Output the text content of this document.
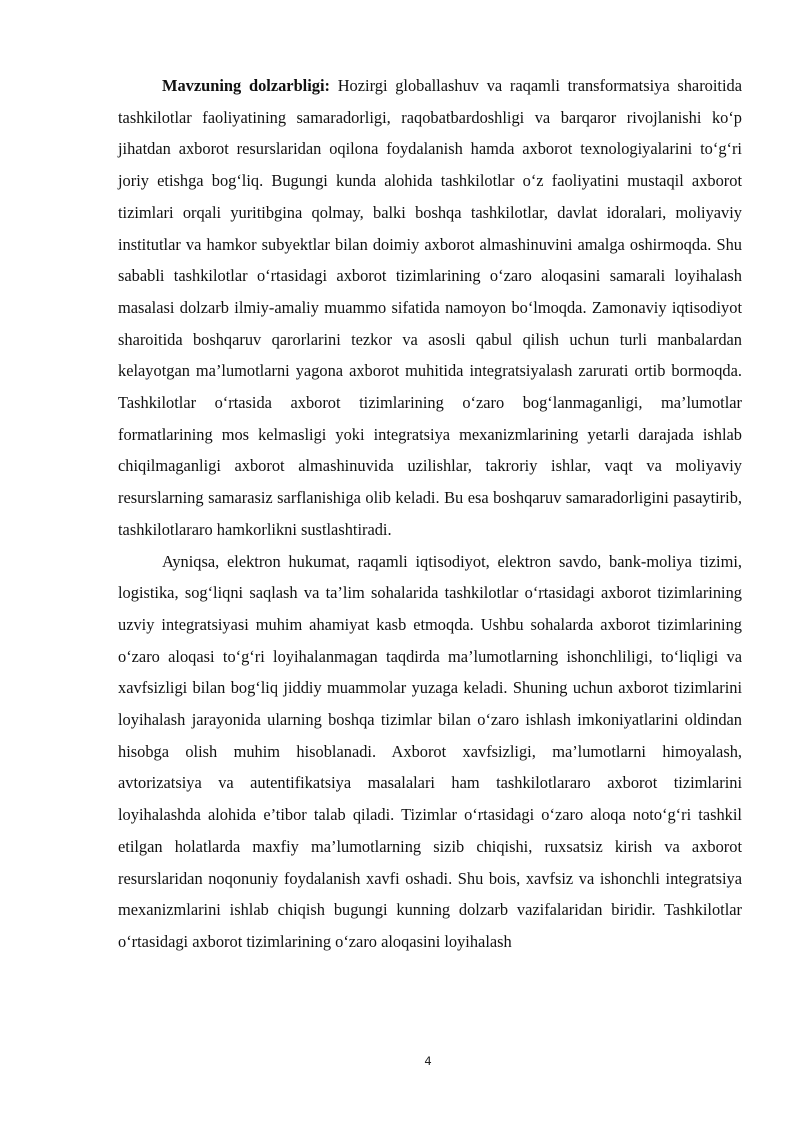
Mavzuning dolzarbligi: Hozirgi globallashuv va raqamli transformatsiya sharoitida tashkilotlar faoliyatining samaradorligi, raqobatbardoshligi va barqaror rivojlanishi ko‘p jihatdan axborot resurslaridan oqilona foydalanish hamda axborot texnologiyalarini to‘g‘ri joriy etishga bog‘liq. Bugungi kunda alohida tashkilotlar o‘z faoliyatini mustaqil axborot tizimlari orqali yuritibgina qolmay, balki boshqa tashkilotlar, davlat idoralari, moliyaviy institutlar va hamkor subyektlar bilan doimiy axborot almashinuvini amalga oshirmoqda. Shu sababli tashkilotlar o‘rtasidagi axborot tizimlarining o‘zaro aloqasini samarali loyihalash masalasi dolzarb ilmiy-amaliy muammo sifatida namoyon bo‘lmoqda. Zamonaviy iqtisodiyot sharoitida boshqaruv qarorlarini tezkor va asosli qabul qilish uchun turli manbalardan kelayotgan ma’lumotlarni yagona axborot muhitida integratsiyalash zarurati ortib bormoqda. Tashkilotlar o‘rtasida axborot tizimlarining o‘zaro bog‘lanmaganligi, ma’lumotlar formatlarining mos kelmasligi yoki integratsiya mexanizmlarining yetarli darajada ishlab chiqilmaganligi axborot almashinuvida uzilishlar, takroriy ishlar, vaqt va moliyaviy resurslarning samarasiz sarflanishiga olib keladi. Bu esa boshqaruv samaradorligini pasaytirib, tashkilotlararo hamkorlikni sustlashtiradi.

Ayniqsa, elektron hukumat, raqamli iqtisodiyot, elektron savdo, bank-moliya tizimi, logistika, sog‘liqni saqlash va ta’lim sohalarida tashkilotlar o‘rtasidagi axborot tizimlarining uzviy integratsiyasi muhim ahamiyat kasb etmoqda. Ushbu sohalarda axborot tizimlarining o‘zaro aloqasi to‘g‘ri loyihalanmagan taqdirda ma’lumotlarning ishonchliligi, to‘liqligi va xavfsizligi bilan bog‘liq jiddiy muammolar yuzaga keladi. Shuning uchun axborot tizimlarini loyihalash jarayonida ularning boshqa tizimlar bilan o‘zaro ishlash imkoniyatlarini oldindan hisobga olish muhim hisoblanadi. Axborot xavfsizligi, ma’lumotlarni himoyalash, avtorizatsiya va autentifikatsiya masalalari ham tashkilotlararo axborot tizimlarini loyihalashda alohida e’tibor talab qiladi. Tizimlar o‘rtasidagi o‘zaro aloqa noto‘g‘ri tashkil etilgan holatlarda maxfiy ma’lumotlarning sizib chiqishi, ruxsatsiz kirish va axborot resurslaridan noqonuniy foydalanish xavfi oshadi. Shu bois, xavfsiz va ishonchli integratsiya mexanizmlarini ishlab chiqish bugungi kunning dolzarb vazifalaridan biridir. Tashkilotlar o‘rtasidagi axborot tizimlarining o‘zaro aloqasini loyihalash

4
